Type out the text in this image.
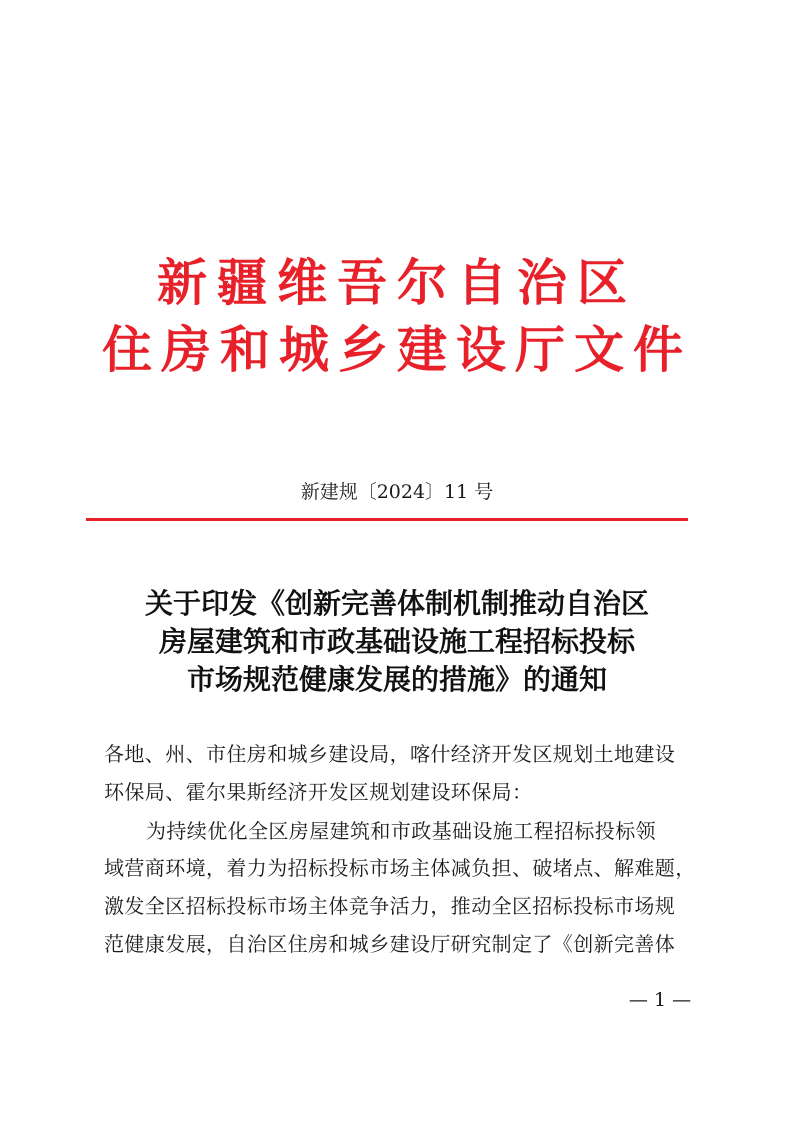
新疆维吾尔自治区
住房和城乡建设厅文件
新建规〔2024〕11 号
关于印发《创新完善体制机制推动自治区
房屋建筑和市政基础设施工程招标投标
市场规范健康发展的措施》的通知
各地、州、市住房和城乡建设局，喀什经济开发区规划土地建设
环保局、霍尔果斯经济开发区规划建设环保局：
为持续优化全区房屋建筑和市政基础设施工程招标投标领
域营商环境，着力为招标投标市场主体减负担、破堵点、解难题，
激发全区招标投标市场主体竞争活力，推动全区招标投标市场规
范健康发展，自治区住房和城乡建设厅研究制定了《创新完善体
— 1 —
